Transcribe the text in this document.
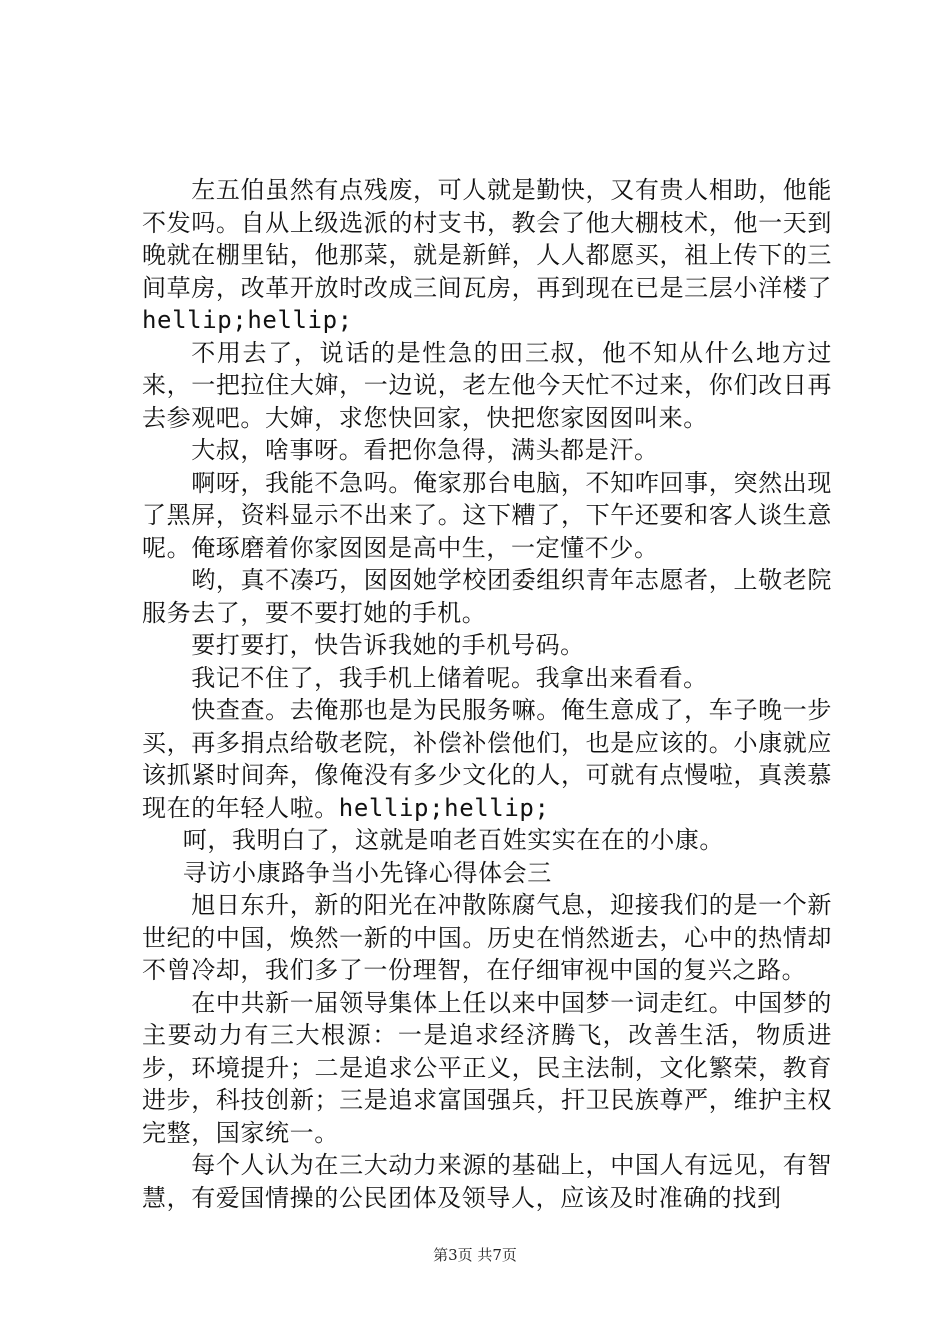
左五伯虽然有点残废，可人就是勤快，又有贵人相助，他能不发吗。自从上级选派的村支书，教会了他大棚枝术，他一天到晚就在棚里钻，他那菜，就是新鲜，人人都愿买，祖上传下的三间草房，改革开放时改成三间瓦房，再到现在已是三层小洋楼了hellip;hellip;

不用去了，说话的是性急的田三叔，他不知从什么地方过来，一把拉住大婶，一边说，老左他今天忙不过来，你们改日再去参观吧。大婶，求您快回家，快把您家囡囡叫来。

大叔，啥事呀。看把你急得，满头都是汗。

啊呀，我能不急吗。俺家那台电脑，不知咋回事，突然出现了黑屏，资料显示不出来了。这下糟了，下午还要和客人谈生意呢。俺琢磨着你家囡囡是高中生，一定懂不少。

哟，真不凑巧，囡囡她学校团委组织青年志愿者，上敬老院服务去了，要不要打她的手机。

要打要打，快告诉我她的手机号码。

我记不住了，我手机上储着呢。我拿出来看看。

快查查。去俺那也是为民服务嘛。俺生意成了，车子晚一步买，再多捐点给敬老院，补偿补偿他们，也是应该的。小康就应该抓紧时间奔，像俺没有多少文化的人，可就有点慢啦，真羡慕现在的年轻人啦。hellip;hellip;

呵，我明白了，这就是咱老百姓实实在在的小康。

寻访小康路争当小先锋心得体会三

旭日东升，新的阳光在冲散陈腐气息，迎接我们的是一个新世纪的中国，焕然一新的中国。历史在悄然逝去，心中的热情却不曾冷却，我们多了一份理智，在仔细审视中国的复兴之路。

在中共新一届领导集体上任以来中国梦一词走红。中国梦的主要动力有三大根源：一是追求经济腾飞，改善生活，物质进步，环境提升；二是追求公平正义，民主法制，文化繁荣，教育进步，科技创新；三是追求富国强兵，扞卫民族尊严，维护主权完整，国家统一。

每个人认为在三大动力来源的基础上，中国人有远见，有智慧，有爱国情操的公民团体及领导人，应该及时准确的找到

第3页 共7页
